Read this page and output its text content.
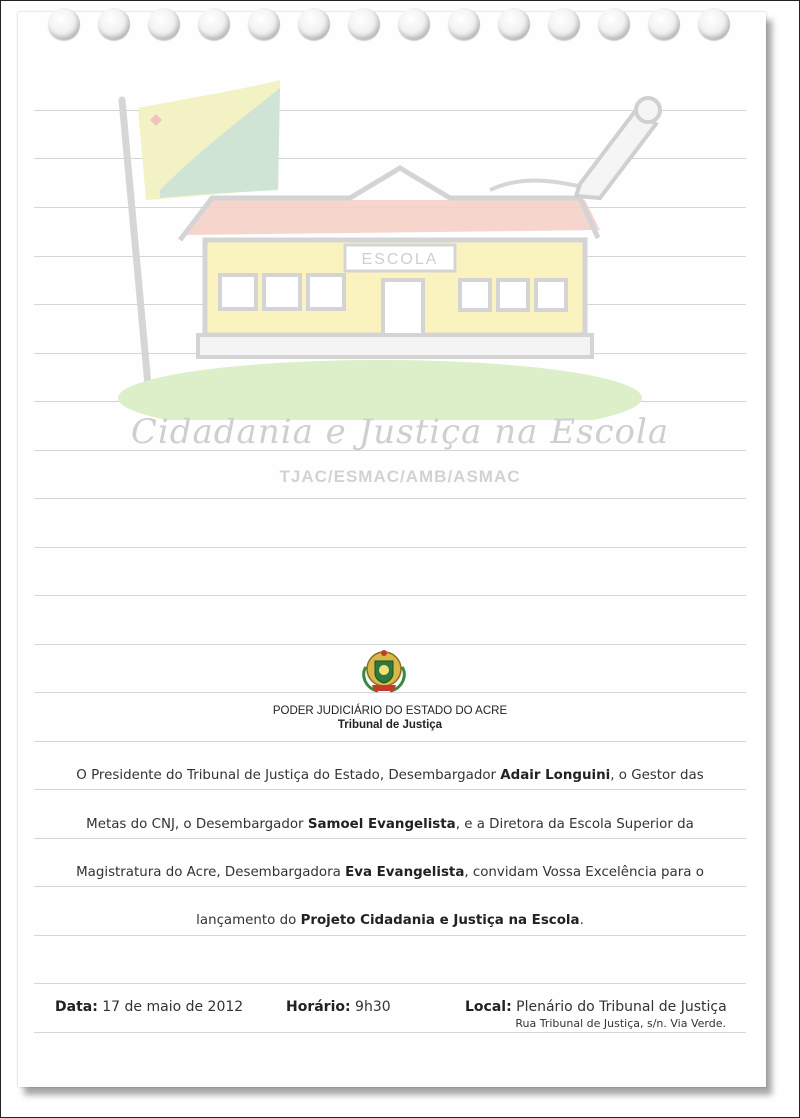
ESCOLA
Cidadania e Justiça na Escola
TJAC/ESMAC/AMB/ASMAC
PODER JUDICIÁRIO DO ESTADO DO ACRE
Tribunal de Justiça
O Presidente do Tribunal de Justiça do Estado, Desembargador Adair Longuini, o Gestor das
Metas do CNJ, o Desembargador Samoel Evangelista, e a Diretora da Escola Superior da
Magistratura do Acre, Desembargadora Eva Evangelista, convidam Vossa Excelência para o
lançamento do Projeto Cidadania e Justiça na Escola.
Data: 17 de maio de 2012	Horário: 9h30	Local: Plenário do Tribunal de Justiça
Rua Tribunal de Justiça, s/n. Via Verde.
